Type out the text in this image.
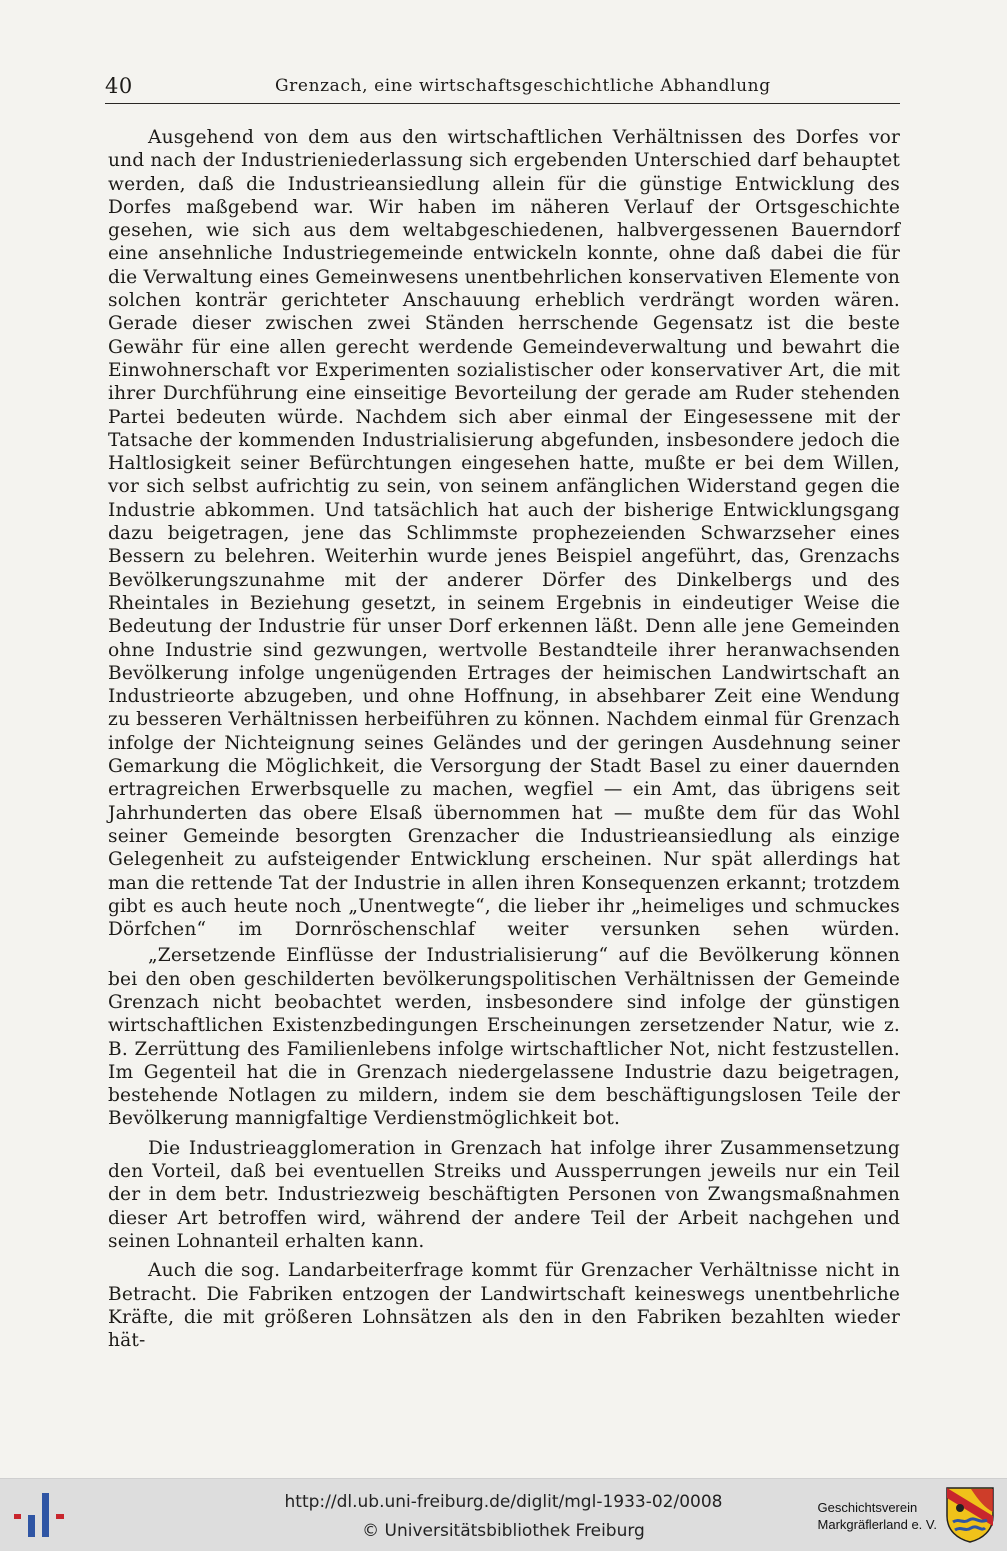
40	Grenzach, eine wirtschaftsgeschichtliche Abhandlung

Ausgehend von dem aus den wirtschaftlichen Verhältnissen des Dorfes vor und nach der Industrieniederlassung sich ergebenden Unterschied darf behauptet werden, daß die Industrieansiedlung allein für die günstige Entwicklung des Dorfes maßgebend war. Wir haben im näheren Verlauf der Ortsgeschichte gesehen, wie sich aus dem weltabgeschiedenen, halbvergessenen Bauerndorf eine ansehnliche Industriegemeinde entwickeln konnte, ohne daß dabei die für die Verwaltung eines Gemeinwesens unentbehrlichen konservativen Elemente von solchen konträr gerichteter Anschauung erheblich verdrängt worden wären. Gerade dieser zwischen zwei Ständen herrschende Gegensatz ist die beste Gewähr für eine allen gerecht werdende Gemeindeverwaltung und bewahrt die Einwohnerschaft vor Experimenten sozialistischer oder konservativer Art, die mit ihrer Durchführung eine einseitige Bevorteilung der gerade am Ruder stehenden Partei bedeuten würde. Nachdem sich aber einmal der Eingesessene mit der Tatsache der kommenden Industrialisierung abgefunden, insbesondere jedoch die Haltlosigkeit seiner Befürchtungen eingesehen hatte, mußte er bei dem Willen, vor sich selbst aufrichtig zu sein, von seinem anfänglichen Widerstand gegen die Industrie abkommen. Und tatsächlich hat auch der bisherige Entwicklungsgang dazu beigetragen, jene das Schlimmste prophezeienden Schwarzseher eines Bessern zu belehren. Weiterhin wurde jenes Beispiel angeführt, das, Grenzachs Bevölkerungszunahme mit der anderer Dörfer des Dinkelbergs und des Rheintales in Beziehung gesetzt, in seinem Ergebnis in eindeutiger Weise die Bedeutung der Industrie für unser Dorf erkennen läßt. Denn alle jene Gemeinden ohne Industrie sind gezwungen, wertvolle Bestandteile ihrer heranwachsenden Bevölkerung infolge ungenügenden Ertrages der heimischen Landwirtschaft an Industrieorte abzugeben, und ohne Hoffnung, in absehbarer Zeit eine Wendung zu besseren Verhältnissen herbeiführen zu können. Nachdem einmal für Grenzach infolge der Nichteignung seines Geländes und der geringen Ausdehnung seiner Gemarkung die Möglichkeit, die Versorgung der Stadt Basel zu einer dauernden ertragreichen Erwerbsquelle zu machen, wegfiel — ein Amt, das übrigens seit Jahrhunderten das obere Elsaß übernommen hat — mußte dem für das Wohl seiner Gemeinde besorgten Grenzacher die Industrieansiedlung als einzige Gelegenheit zu aufsteigender Entwicklung erscheinen. Nur spät allerdings hat man die rettende Tat der Industrie in allen ihren Konsequenzen erkannt; trotzdem gibt es auch heute noch „Unentwegte“, die lieber ihr „heimeliges und schmuckes Dörfchen“ im Dornröschenschlaf weiter versunken sehen würden.

„Zersetzende Einflüsse der Industrialisierung“ auf die Bevölkerung können bei den oben geschilderten bevölkerungspolitischen Verhältnissen der Gemeinde Grenzach nicht beobachtet werden, insbesondere sind infolge der günstigen wirtschaftlichen Existenzbedingungen Erscheinungen zersetzender Natur, wie z. B. Zerrüttung des Familienlebens infolge wirtschaftlicher Not, nicht festzustellen. Im Gegenteil hat die in Grenzach niedergelassene Industrie dazu beigetragen, bestehende Notlagen zu mildern, indem sie dem beschäftigungslosen Teile der Bevölkerung mannigfaltige Verdienstmöglichkeit bot.

Die Industrieagglomeration in Grenzach hat infolge ihrer Zusammensetzung den Vorteil, daß bei eventuellen Streiks und Aussperrungen jeweils nur ein Teil der in dem betr. Industriezweig beschäftigten Personen von Zwangsmaßnahmen dieser Art betroffen wird, während der andere Teil der Arbeit nachgehen und seinen Lohnanteil erhalten kann.

Auch die sog. Landarbeiterfrage kommt für Grenzacher Verhältnisse nicht in Betracht. Die Fabriken entzogen der Landwirtschaft keineswegs unentbehrliche Kräfte, die mit größeren Lohnsätzen als den in den Fabriken bezahlten wieder hät-

http://dl.ub.uni-freiburg.de/diglit/mgl-1933-02/0008
© Universitätsbibliothek Freiburg
Geschichtsverein
Markgräflerland e. V.
